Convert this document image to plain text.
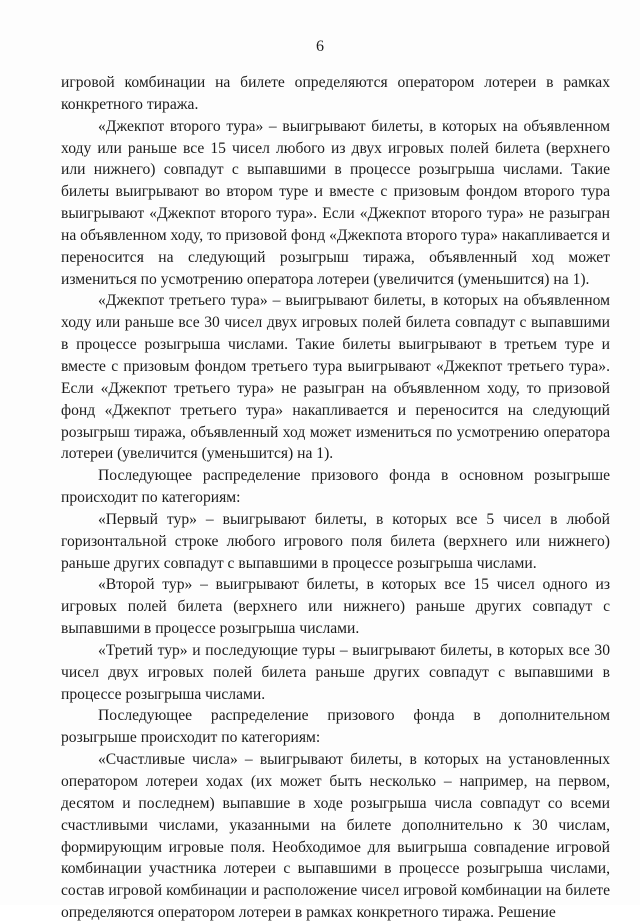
6

игровой комбинации на билете определяются оператором лотереи в рамках конкретного тиража.

«Джекпот второго тура» – выигрывают билеты, в которых на объявленном ходу или раньше все 15 чисел любого из двух игровых полей билета (верхнего или нижнего) совпадут с выпавшими в процессе розыгрыша числами. Такие билеты выигрывают во втором туре и вместе с призовым фондом второго тура выигрывают «Джекпот второго тура». Если «Джекпот второго тура» не разыгран на объявленном ходу, то призовой фонд «Джекпота второго тура» накапливается и переносится на следующий розыгрыш тиража, объявленный ход может измениться по усмотрению оператора лотереи (увеличится (уменьшится) на 1).

«Джекпот третьего тура» – выигрывают билеты, в которых на объявленном ходу или раньше все 30 чисел двух игровых полей билета совпадут с выпавшими в процессе розыгрыша числами. Такие билеты выигрывают в третьем туре и вместе с призовым фондом третьего тура выигрывают «Джекпот третьего тура». Если «Джекпот третьего тура» не разыгран на объявленном ходу, то призовой фонд «Джекпот третьего тура» накапливается и переносится на следующий розыгрыш тиража, объявленный ход может измениться по усмотрению оператора лотереи (увеличится (уменьшится) на 1).

Последующее распределение призового фонда в основном розыгрыше происходит по категориям:

«Первый тур» – выигрывают билеты, в которых все 5 чисел в любой горизонтальной строке любого игрового поля билета (верхнего или нижнего) раньше других совпадут с выпавшими в процессе розыгрыша числами.

«Второй тур» – выигрывают билеты, в которых все 15 чисел одного из игровых полей билета (верхнего или нижнего) раньше других совпадут с выпавшими в процессе розыгрыша числами.

«Третий тур» и последующие туры – выигрывают билеты, в которых все 30 чисел двух игровых полей билета раньше других совпадут с выпавшими в процессе розыгрыша числами.

Последующее распределение призового фонда в дополнительном розыгрыше происходит по категориям:

«Счастливые числа» – выигрывают билеты, в которых на установленных оператором лотереи ходах (их может быть несколько – например, на первом, десятом и последнем) выпавшие в ходе розыгрыша числа совпадут со всеми счастливыми числами, указанными на билете дополнительно к 30 числам, формирующим игровые поля. Необходимое для выигрыша совпадение игровой комбинации участника лотереи с выпавшими в процессе розыгрыша числами, состав игровой комбинации и расположение чисел игровой комбинации на билете определяются оператором лотереи в рамках конкретного тиража. Решение
